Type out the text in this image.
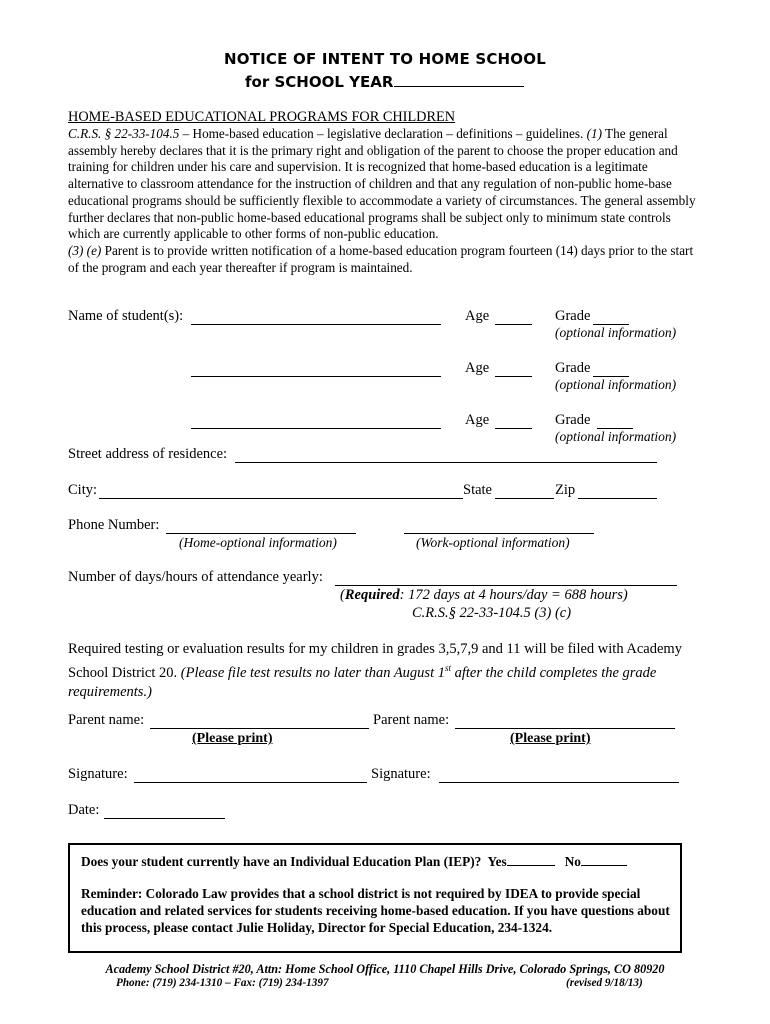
NOTICE OF INTENT TO HOME SCHOOL
for SCHOOL YEAR
HOME-BASED EDUCATIONAL PROGRAMS FOR CHILDREN
C.R.S. § 22-33-104.5 – Home-based education – legislative declaration – definitions – guidelines. (1) The general assembly hereby declares that it is the primary right and obligation of the parent to choose the proper education and training for children under his care and supervision. It is recognized that home-based education is a legitimate alternative to classroom attendance for the instruction of children and that any regulation of non-public home-base educational programs should be sufficiently flexible to accommodate a variety of circumstances. The general assembly further declares that non-public home-based educational programs shall be subject only to minimum state controls which are currently applicable to other forms of non-public education.
(3) (e) Parent is to provide written notification of a home-based education program fourteen (14) days prior to the start of the program and each year thereafter if program is maintained.
Name of student(s):	Age	Grade
(optional information)
Age	Grade
(optional information)
Age	Grade
(optional information)
Street address of residence:
City:	State	Zip
Phone Number:
(Home-optional information)	(Work-optional information)
Number of days/hours of attendance yearly:
(Required: 172 days at 4 hours/day = 688 hours)
C.R.S.§ 22-33-104.5 (3) (c)
Required testing or evaluation results for my children in grades 3,5,7,9 and 11 will be filed with Academy School District 20. (Please file test results no later than August 1st after the child completes the grade requirements.)
Parent name:	Parent name:
(Please print)	(Please print)
Signature:	Signature:
Date:
Does your student currently have an Individual Education Plan (IEP)? Yes	No
Reminder: Colorado Law provides that a school district is not required by IDEA to provide special education and related services for students receiving home-based education. If you have questions about this process, please contact Julie Holiday, Director for Special Education, 234-1324.
Academy School District #20, Attn: Home School Office, 1110 Chapel Hills Drive, Colorado Springs, CO 80920
Phone: (719) 234-1310 – Fax: (719) 234-1397	(revised 9/18/13)
